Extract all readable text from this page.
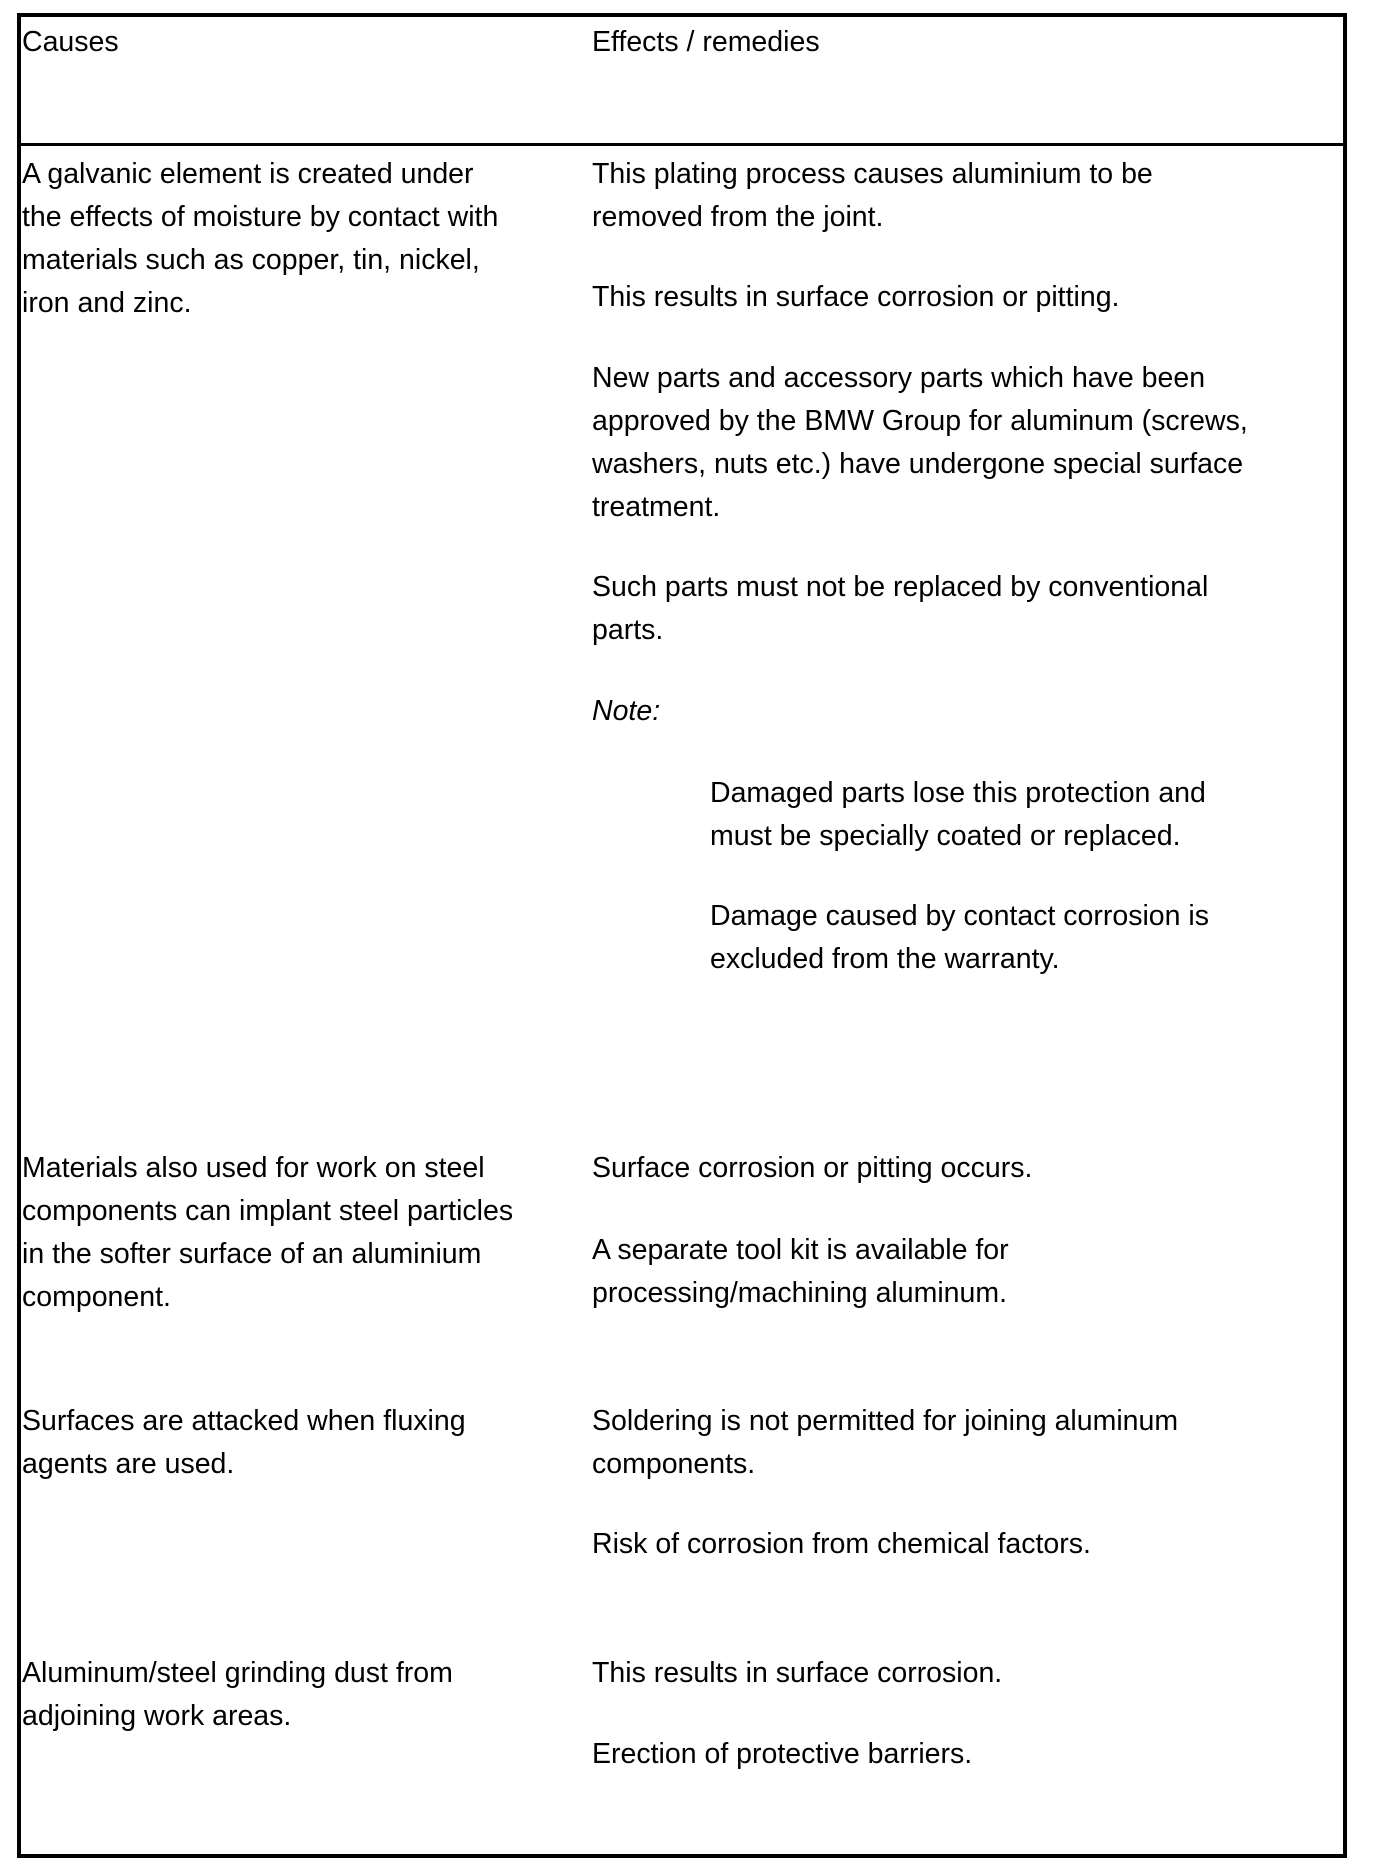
Causes	Effects / remedies
A galvanic element is created under
the effects of moisture by contact with
materials such as copper, tin, nickel,
iron and zinc.
This plating process causes aluminium to be
removed from the joint.
This results in surface corrosion or pitting.
New parts and accessory parts which have been
approved by the BMW Group for aluminum (screws,
washers, nuts etc.) have undergone special surface
treatment.
Such parts must not be replaced by conventional
parts.
Note:
Damaged parts lose this protection and
must be specially coated or replaced.
Damage caused by contact corrosion is
excluded from the warranty.
Materials also used for work on steel
components can implant steel particles
in the softer surface of an aluminium
component.
Surface corrosion or pitting occurs.
A separate tool kit is available for
processing/machining aluminum.
Surfaces are attacked when fluxing
agents are used.
Soldering is not permitted for joining aluminum
components.
Risk of corrosion from chemical factors.
Aluminum/steel grinding dust from
adjoining work areas.
This results in surface corrosion.
Erection of protective barriers.
